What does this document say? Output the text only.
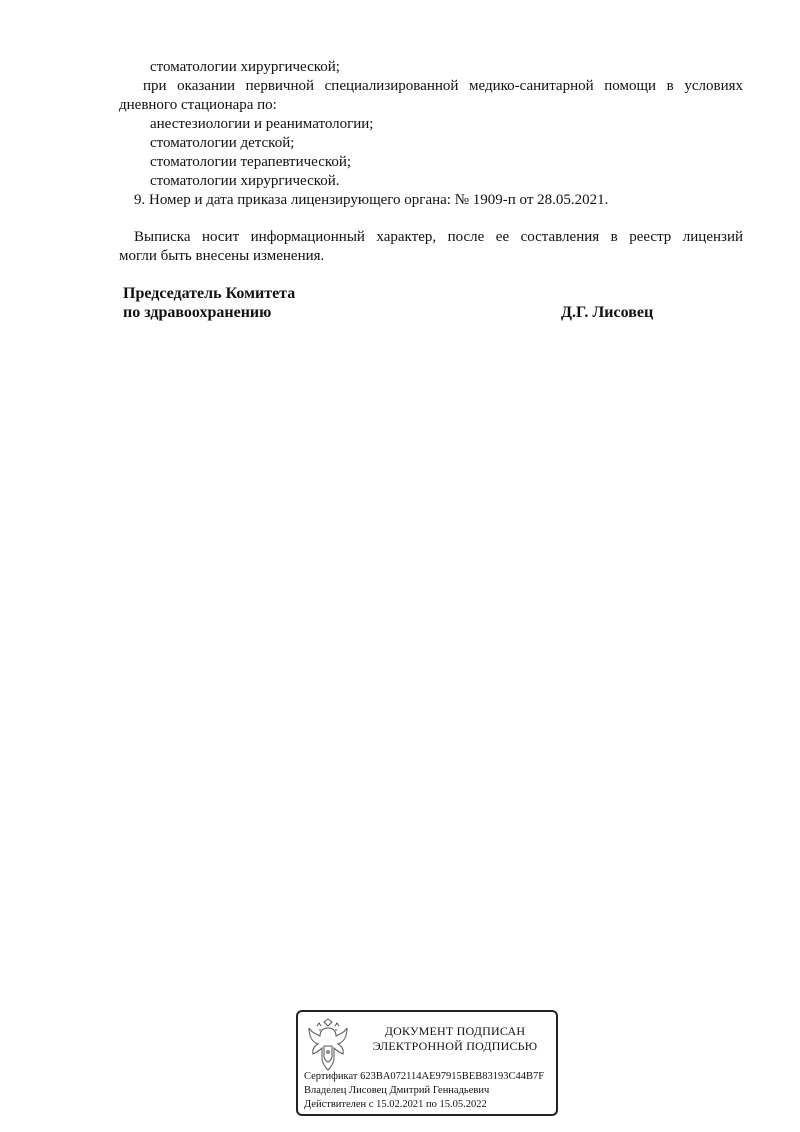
стоматологии хирургической;
при оказании первичной специализированной медико-санитарной помощи в условиях
дневного стационара по:
анестезиологии и реаниматологии;
стоматологии детской;
стоматологии терапевтической;
стоматологии хирургической.
9. Номер и дата приказа лицензирующего органа: № 1909-п от 28.05.2021.
Выписка носит информационный характер, после ее составления в реестр лицензий
могли быть внесены изменения.
Председатель Комитета
по здравоохранению	Д.Г. Лисовец
ДОКУМЕНТ ПОДПИСАН
ЭЛЕКТРОННОЙ ПОДПИСЬЮ
Сертификат 623BA072114AE97915BEB83193C44B7F
Владелец Лисовец Дмитрий Геннадьевич
Действителен с 15.02.2021 по 15.05.2022
